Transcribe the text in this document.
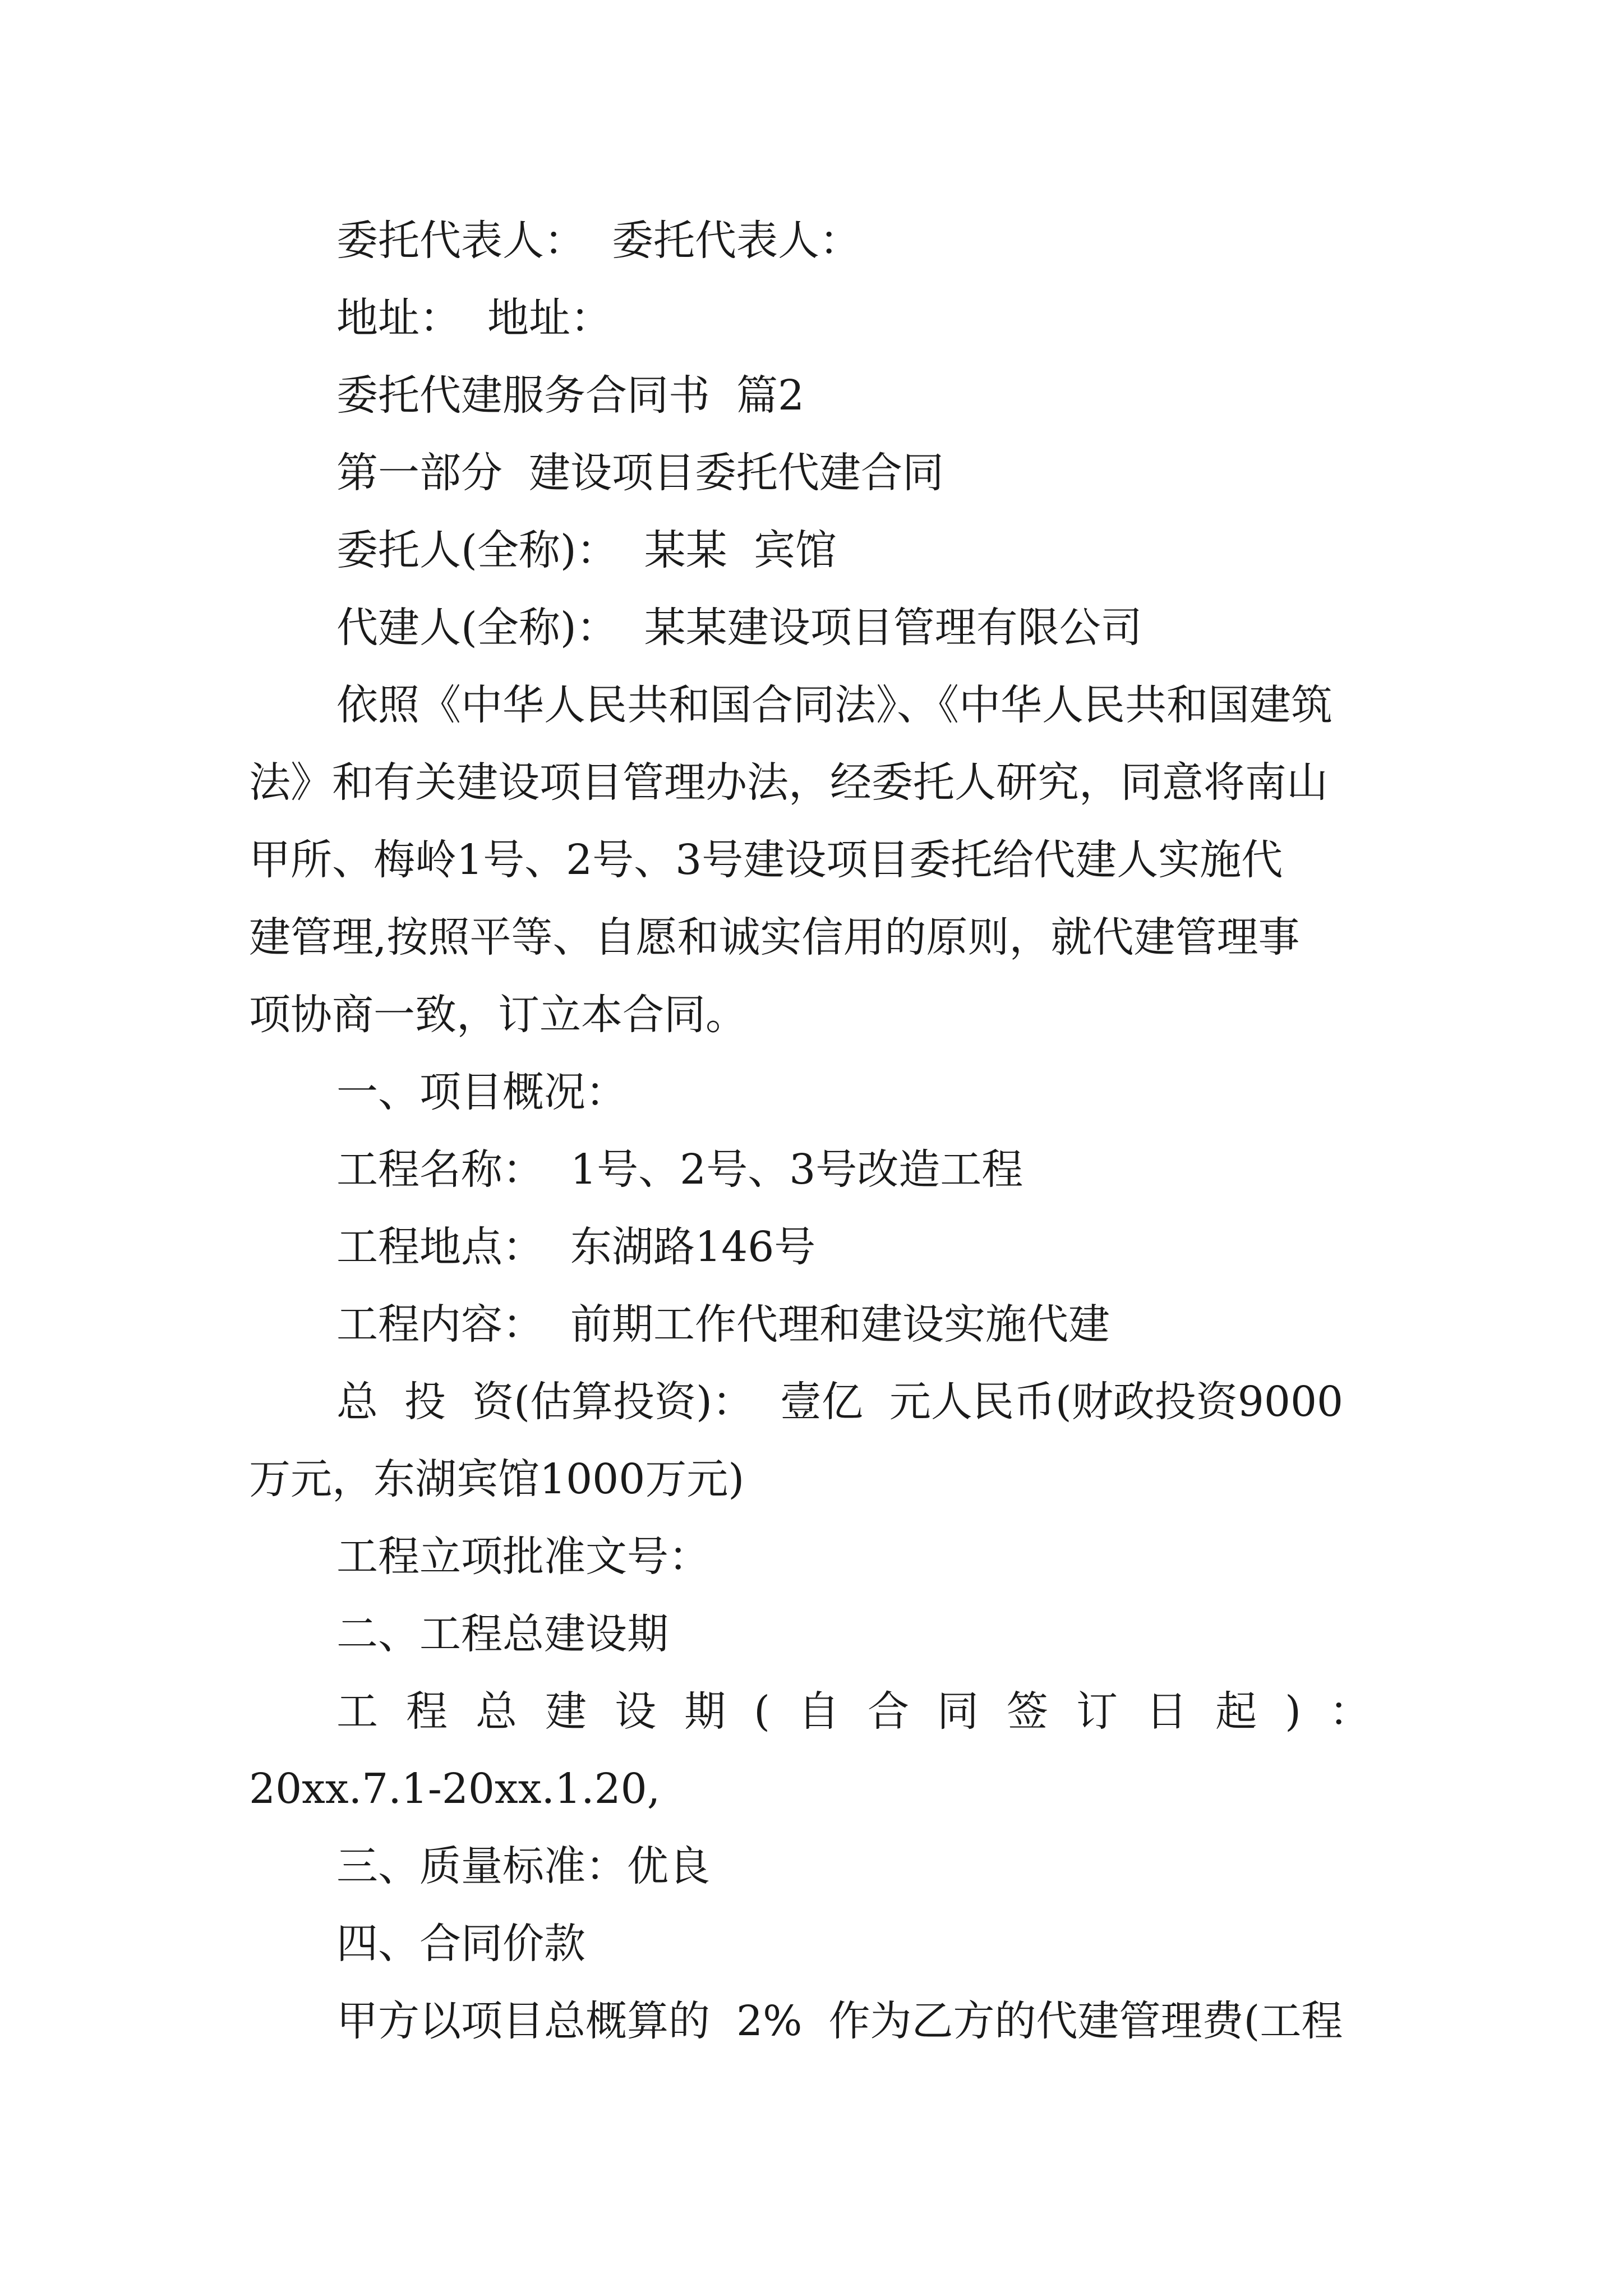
委托代表人：  委托代表人：
地址：  地址：
委托代建服务合同书  篇2
第一部分  建设项目委托代建合同
委托人(全称)：  某某  宾馆
代建人(全称)：  某某建设项目管理有限公司
依照《中华人民共和国合同法》、《中华人民共和国建筑
法》和有关建设项目管理办法，经委托人研究，同意将南山
甲所、梅岭1号、2号、3号建设项目委托给代建人实施代
建管理,按照平等、自愿和诚实信用的原则，就代建管理事
项协商一致，订立本合同。
一、项目概况：
工程名称：  1号、2号、3号改造工程
工程地点：  东湖路146号
工程内容：  前期工作代理和建设实施代建
总  投  资(估算投资)：  壹亿  元人民币(财政投资9000
万元，东湖宾馆1000万元)
工程立项批准文号：
二、工程总建设期
工程总建设期(自合同签订日起)：
20xx.7.1-20xx.1.20,
三、质量标准：优良
四、合同价款
甲方以项目总概算的  2%  作为乙方的代建管理费(工程
